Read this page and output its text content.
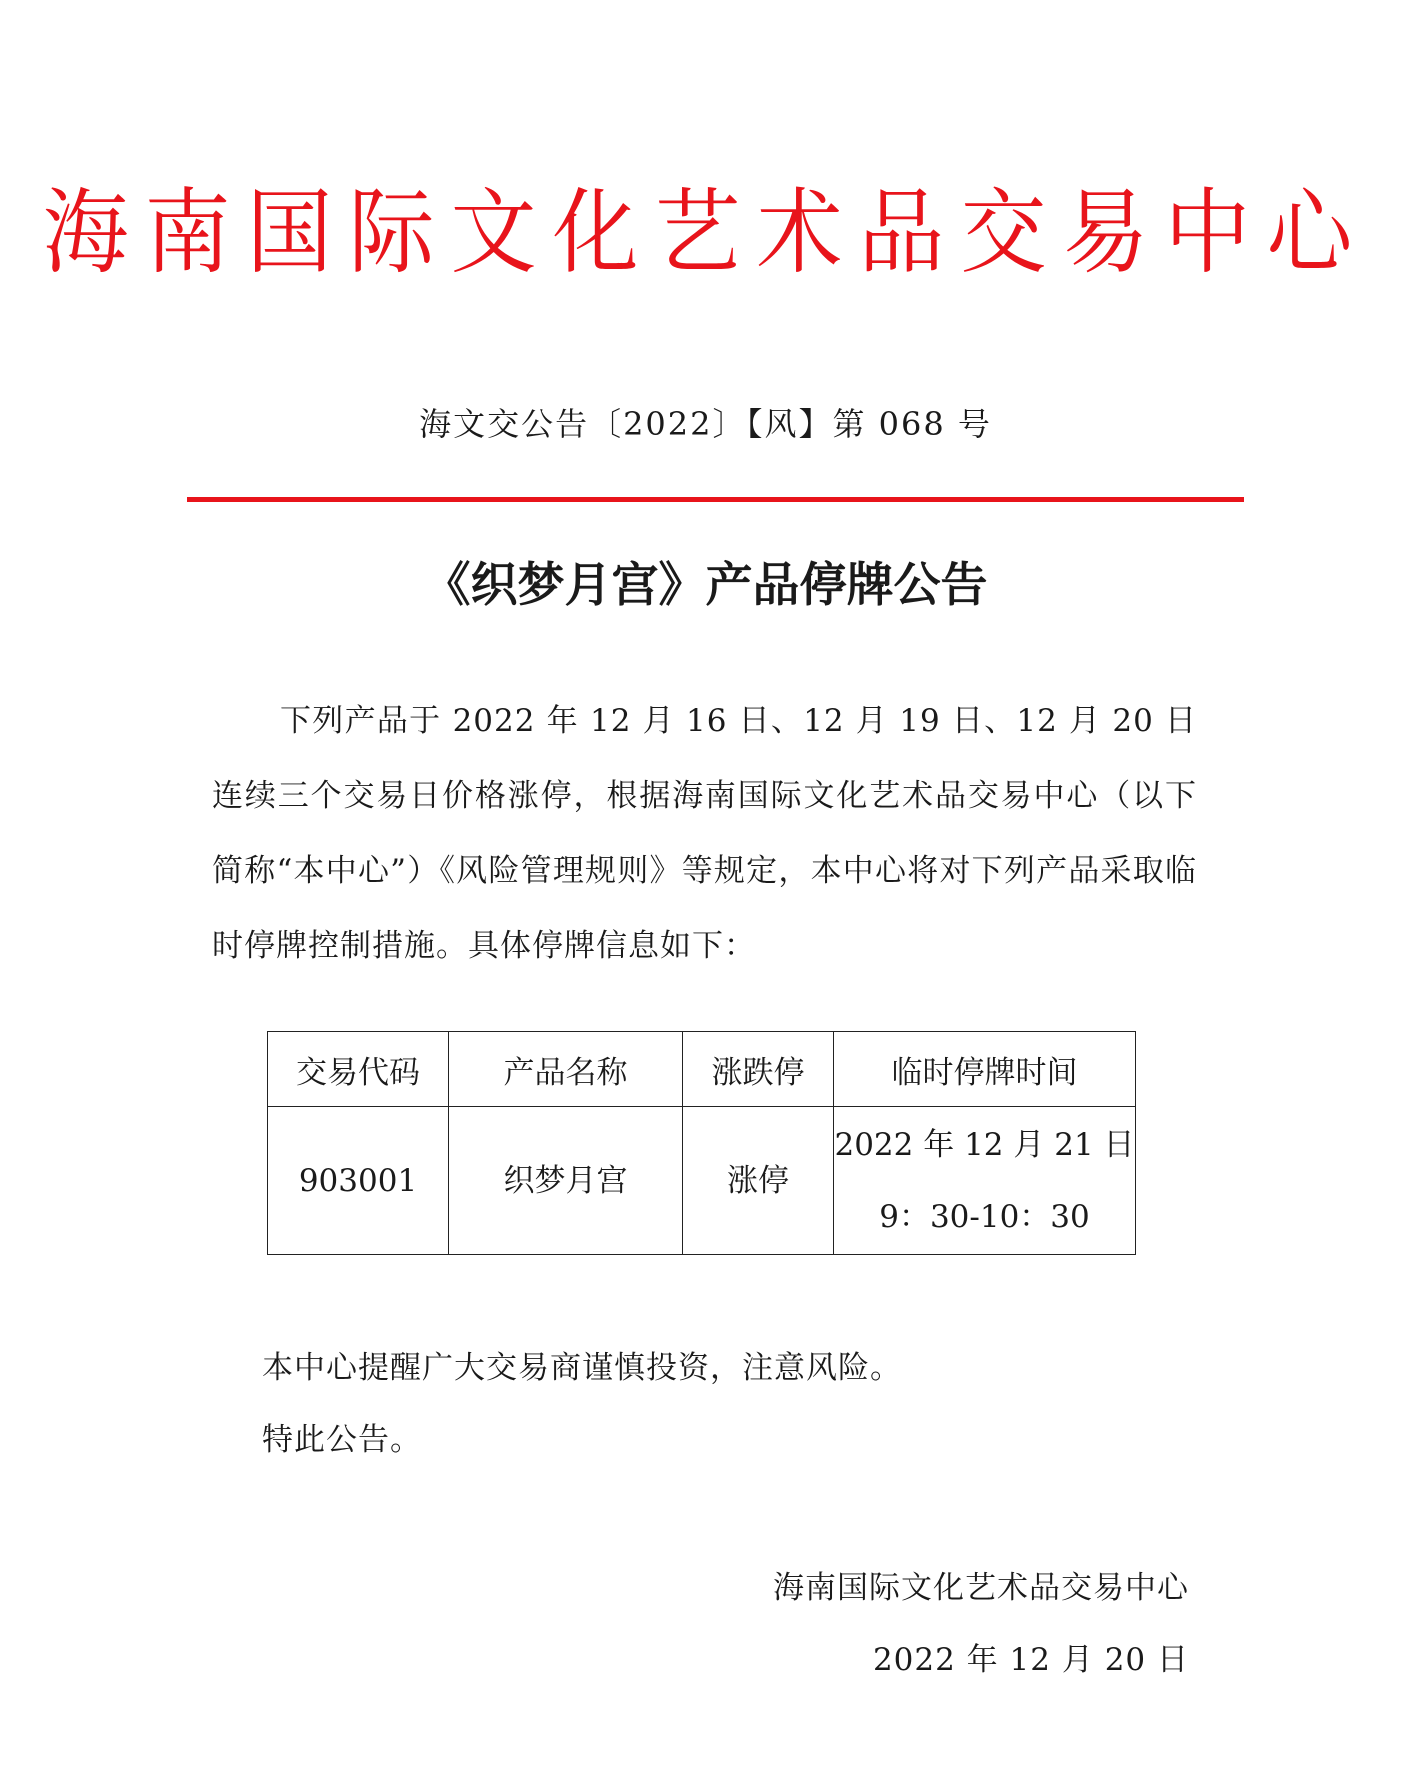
海南国际文化艺术品交易中心
海文交公告〔2022〕【风】第 068 号
《织梦月宫》产品停牌公告

下列产品于 2022 年 12 月 16 日、12 月 19 日、12 月 20 日连续三个交易日价格涨停，根据海南国际文化艺术品交易中心（以下简称“本中心”）《风险管理规则》等规定，本中心将对下列产品采取临时停牌控制措施。具体停牌信息如下：

交易代码	产品名称	涨跌停	临时停牌时间
903001	织梦月宫	涨停	2022 年 12 月 21 日
9：30-10：30
本中心提醒广大交易商谨慎投资，注意风险。
特此公告。
海南国际文化艺术品交易中心
2022 年 12 月 20 日
